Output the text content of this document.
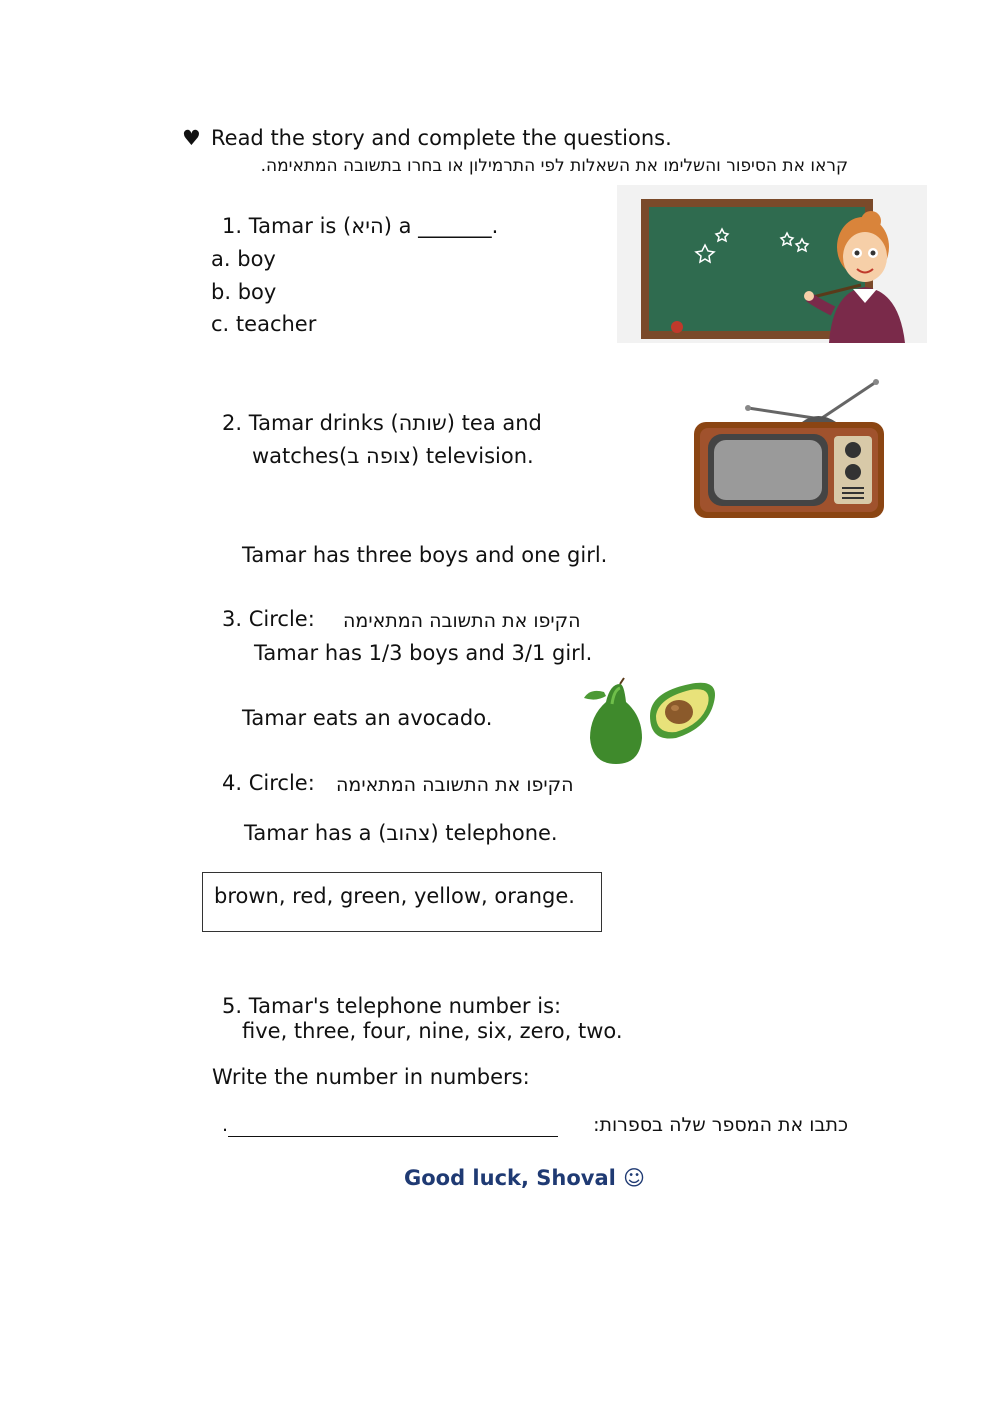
♥ Read the story and complete the questions.
קראו את הסיפור והשלימו את השאלות לפי התרמילון או בחרו בתשובה המתאימה.
1. Tamar is (היא) a _______.
a. boy
b. boy
c. teacher
2. Tamar drinks (שותה) tea and
watches(צופה ב) television.
Tamar has three boys and one girl.
3. Circle: הקיפו את התשובה המתאימה
Tamar has 1/3 boys and 3/1 girl.
Tamar eats an avocado.
4. Circle: הקיפו את התשובה המתאימה
Tamar has a (צהוב) telephone.
brown, red, green, yellow, orange.
5. Tamar's telephone number is:
five, three, four, nine, six, zero, two.
Write the number in numbers:
.	כתבו את המספר שלה בספרות:
Good luck, Shoval ☺
